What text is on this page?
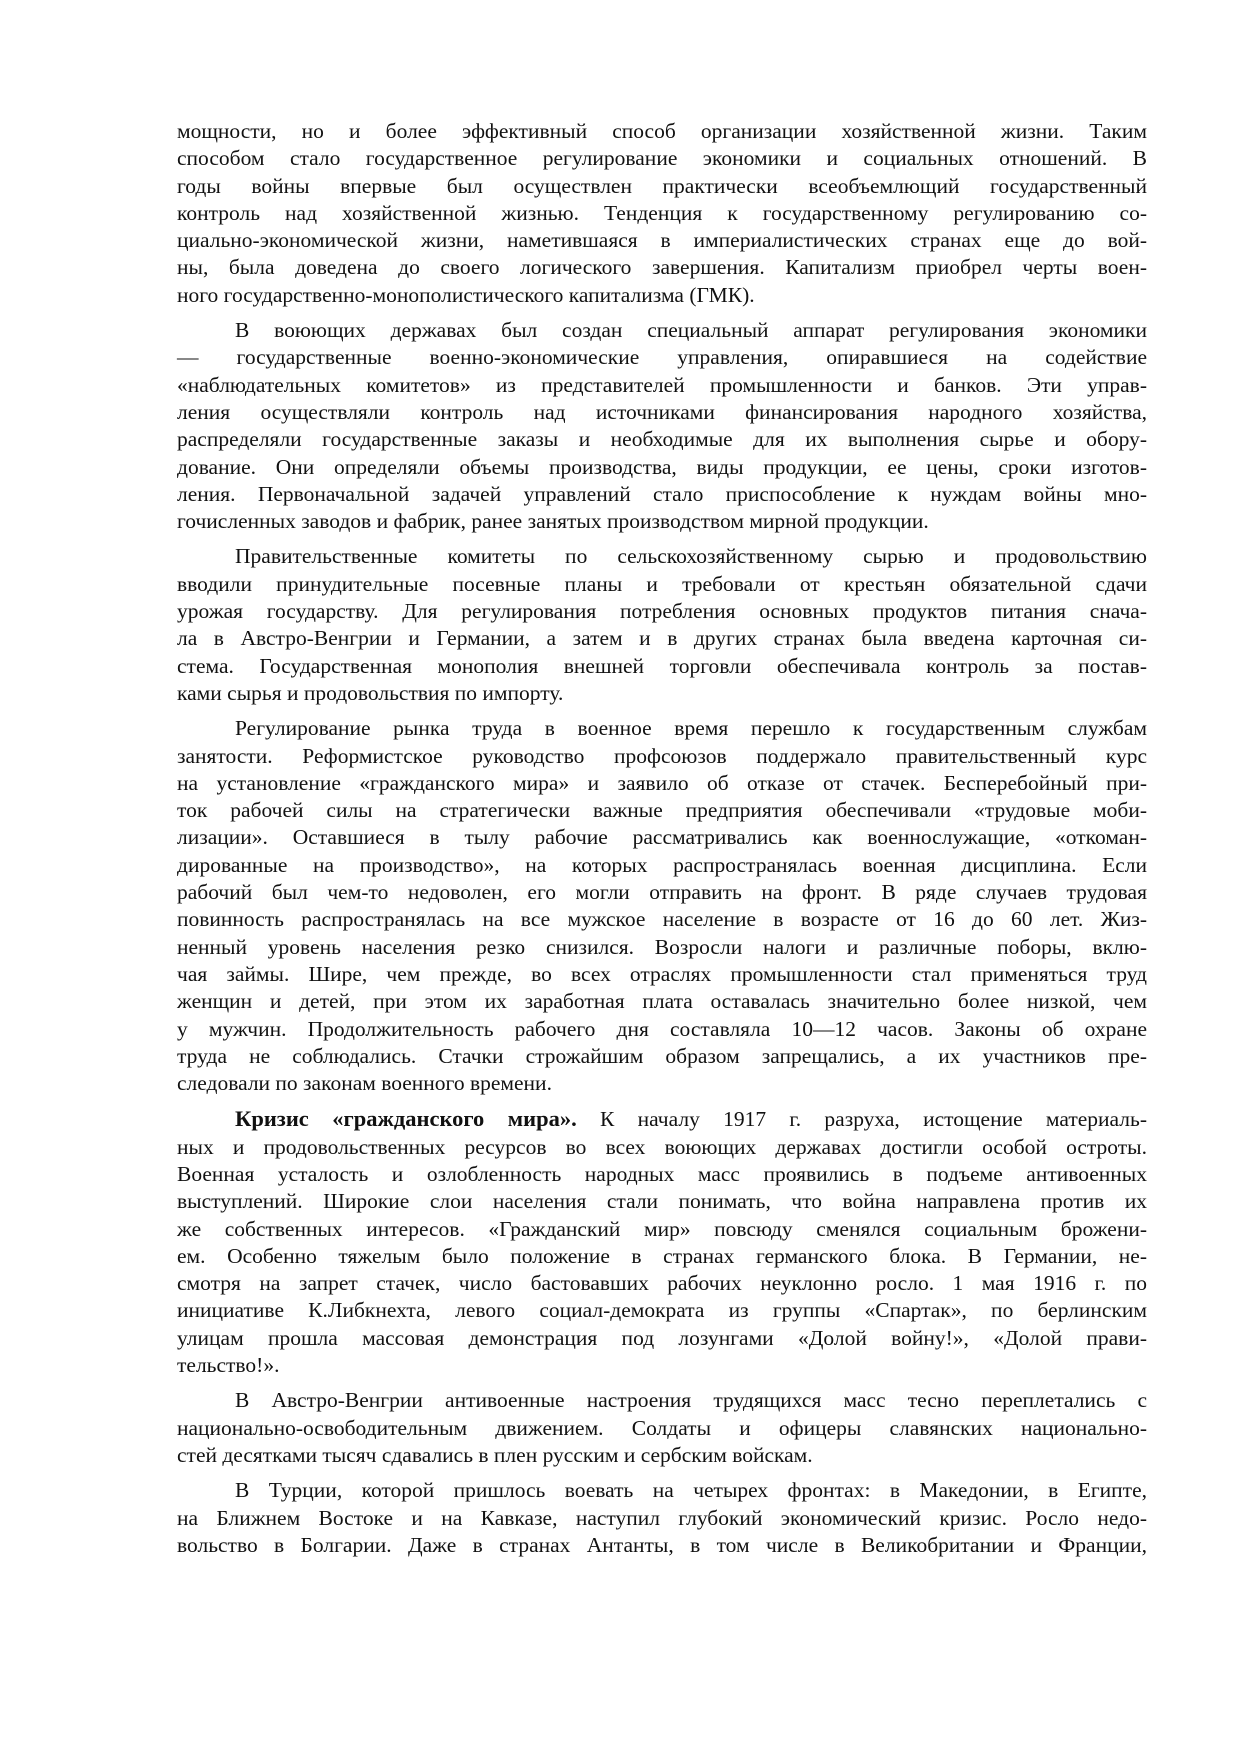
мощности, но и более эффективный способ организации хозяйственной жизни. Таким
способом стало государственное регулирование экономики и социальных отношений. В
годы войны впервые был осуществлен практически всеобъемлющий государственный
контроль над хозяйственной жизнью. Тенденция к государственному регулированию со-
циально-экономической жизни, наметившаяся в империалистических странах еще до вой-
ны, была доведена до своего логического завершения. Капитализм приобрел черты воен-
ного государственно-монополистического капитализма (ГМК).

В воюющих державах был создан специальный аппарат регулирования экономики
— государственные военно-экономические управления, опиравшиеся на содействие
«наблюдательных комитетов» из представителей промышленности и банков. Эти управ-
ления осуществляли контроль над источниками финансирования народного хозяйства,
распределяли государственные заказы и необходимые для их выполнения сырье и обору-
дование. Они определяли объемы производства, виды продукции, ее цены, сроки изготов-
ления. Первоначальной задачей управлений стало приспособление к нуждам войны мно-
гочисленных заводов и фабрик, ранее занятых производством мирной продукции.

Правительственные комитеты по сельскохозяйственному сырью и продовольствию
вводили принудительные посевные планы и требовали от крестьян обязательной сдачи
урожая государству. Для регулирования потребления основных продуктов питания снача-
ла в Австро-Венгрии и Германии, а затем и в других странах была введена карточная си-
стема. Государственная монополия внешней торговли обеспечивала контроль за постав-
ками сырья и продовольствия по импорту.

Регулирование рынка труда в военное время перешло к государственным службам
занятости. Реформистское руководство профсоюзов поддержало правительственный курс
на установление «гражданского мира» и заявило об отказе от стачек. Бесперебойный при-
ток рабочей силы на стратегически важные предприятия обеспечивали «трудовые моби-
лизации». Оставшиеся в тылу рабочие рассматривались как военнослужащие, «откоман-
дированные на производство», на которых распространялась военная дисциплина. Если
рабочий был чем-то недоволен, его могли отправить на фронт. В ряде случаев трудовая
повинность распространялась на все мужское население в возрасте от 16 до 60 лет. Жиз-
ненный уровень населения резко снизился. Возросли налоги и различные поборы, вклю-
чая займы. Шире, чем прежде, во всех отраслях промышленности стал применяться труд
женщин и детей, при этом их заработная плата оставалась значительно более низкой, чем
у мужчин. Продолжительность рабочего дня составляла 10—12 часов. Законы об охране
труда не соблюдались. Стачки строжайшим образом запрещались, а их участников пре-
следовали по законам военного времени.

Кризис «гражданского мира». К началу 1917 г. разруха, истощение материаль-
ных и продовольственных ресурсов во всех воюющих державах достигли особой остроты.
Военная усталость и озлобленность народных масс проявились в подъеме антивоенных
выступлений. Широкие слои населения стали понимать, что война направлена против их
же собственных интересов. «Гражданский мир» повсюду сменялся социальным брожени-
ем. Особенно тяжелым было положение в странах германского блока. В Германии, не-
смотря на запрет стачек, число бастовавших рабочих неуклонно росло. 1 мая 1916 г. по
инициативе К.Либкнехта, левого социал-демократа из группы «Спартак», по берлинским
улицам прошла массовая демонстрация под лозунгами «Долой войну!», «Долой прави-
тельство!».

В Австро-Венгрии антивоенные настроения трудящихся масс тесно переплетались с
национально-освободительным движением. Солдаты и офицеры славянских национально-
стей десятками тысяч сдавались в плен русским и сербским войскам.

В Турции, которой пришлось воевать на четырех фронтах: в Македонии, в Египте,
на Ближнем Востоке и на Кавказе, наступил глубокий экономический кризис. Росло недо-
вольство в Болгарии. Даже в странах Антанты, в том числе в Великобритании и Франции,
